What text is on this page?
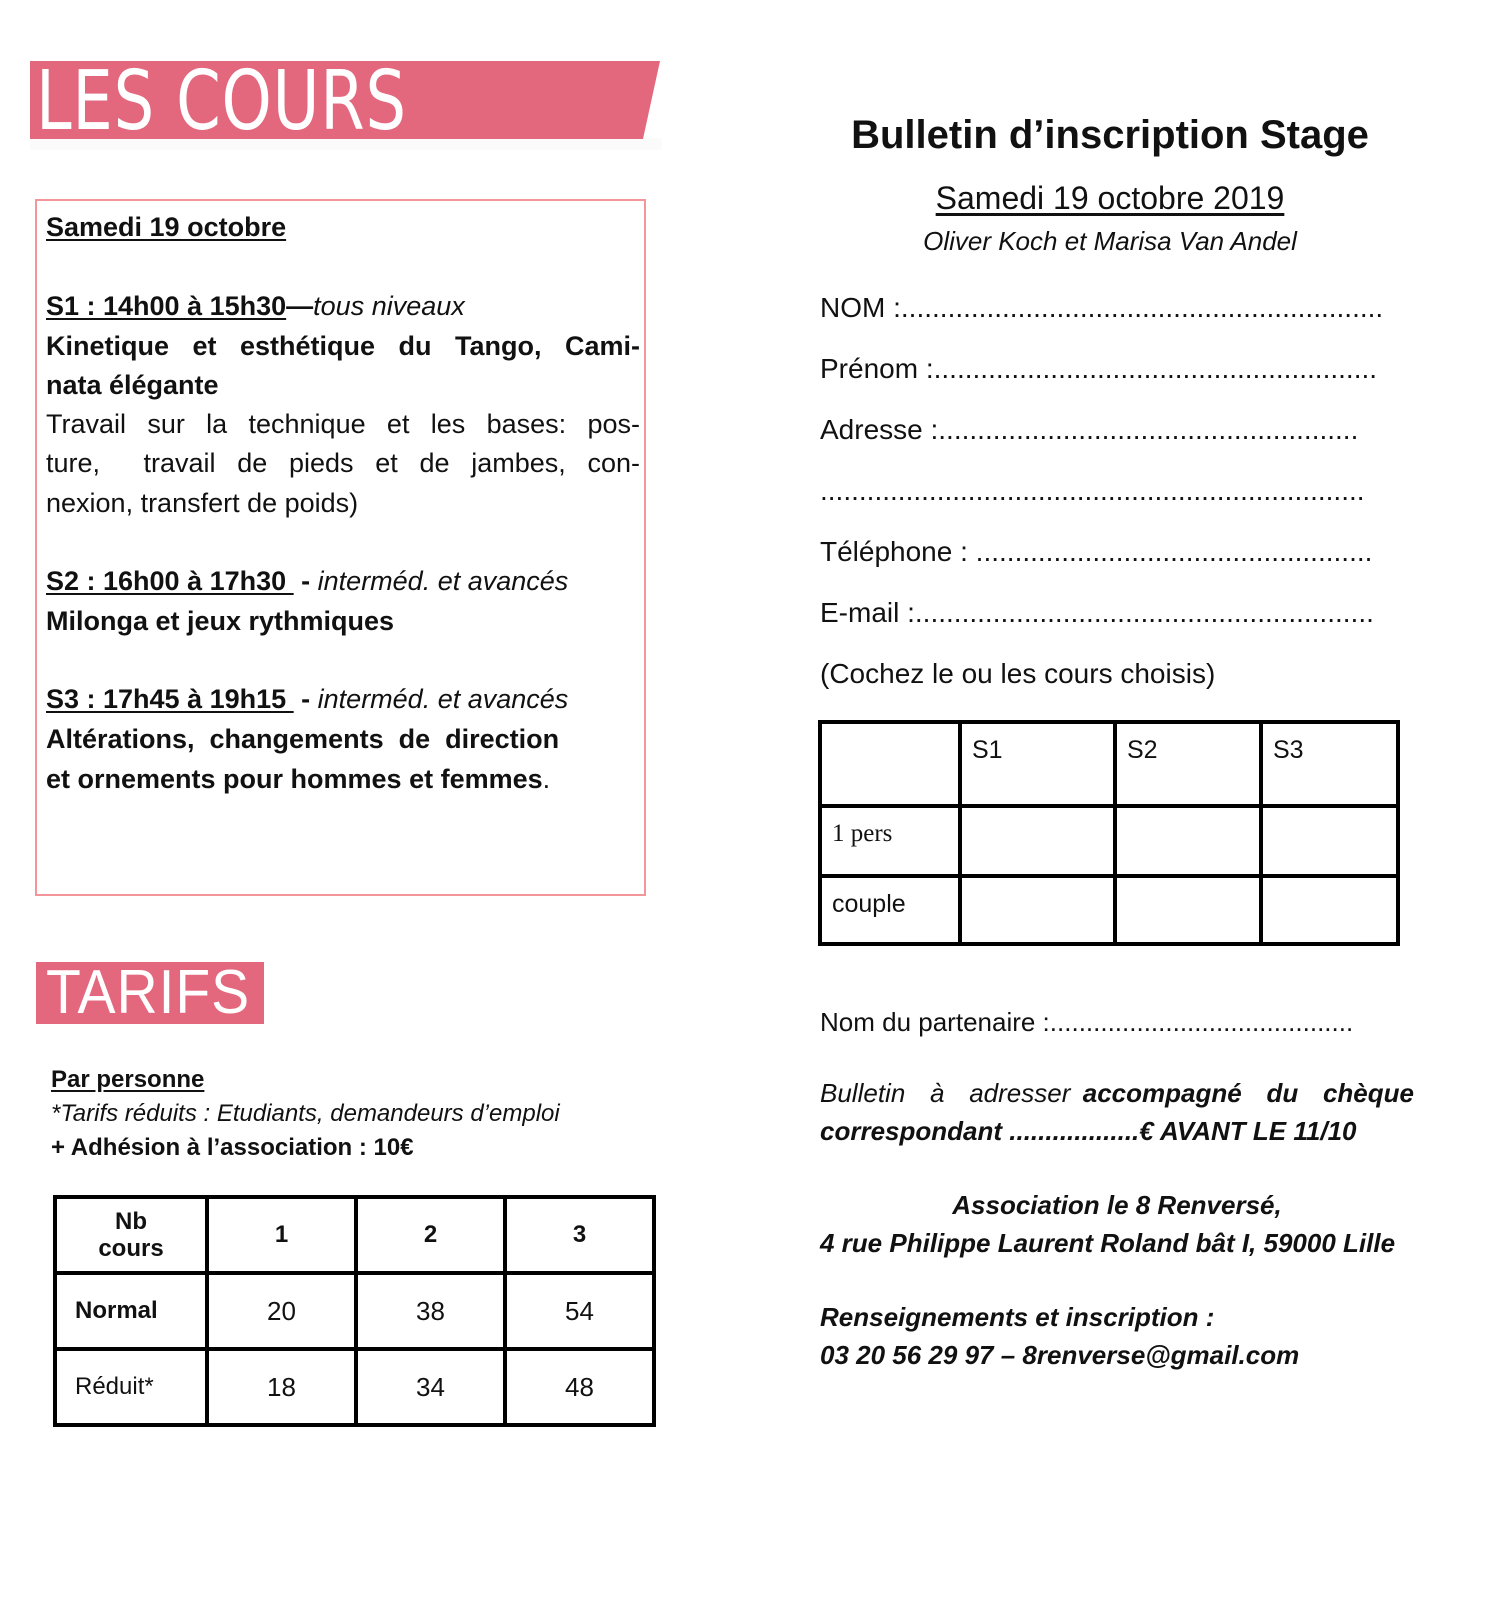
LES COURS
Samedi 19 octobre
S1 : 14h00 à 15h30—tous niveaux
Kinetique et esthétique du Tango, Cami-
nata élégante
Travail sur la technique et les bases: pos-
ture,  travail de pieds et de jambes, con-
nexion, transfert de poids)
S2 : 16h00 à 17h30  - interméd. et avancés
Milonga et jeux rythmiques
S3 : 17h45 à 19h15  - interméd. et avancés
Altérations,  changements  de  direction
et ornements pour hommes et femmes.
TARIFS
Par personne
*Tarifs réduits : Etudiants, demandeurs d’emploi
+ Adhésion à l’association : 10€
Nb
cours	1	2	3
Normal	20	38	54
Réduit*	18	34	48
Bulletin d’inscription Stage
Samedi 19 octobre 2019
Oliver Koch et Marisa Van Andel
NOM :..............................................................
Prénom :.........................................................
Adresse :......................................................
......................................................................
Téléphone : ...................................................
E-mail :...........................................................
(Cochez le ou les cours choisis)
	S1	S2	S3
1 pers			
couple			
Nom du partenaire :..........................................
Bulletin  à  adresser accompagné  du  chèque
correspondant ..................€ AVANT LE 11/10
Association le 8 Renversé,
4 rue Philippe Laurent Roland bât I, 59000 Lille
Renseignements et inscription :
03 20 56 29 97 – 8renverse@gmail.com
